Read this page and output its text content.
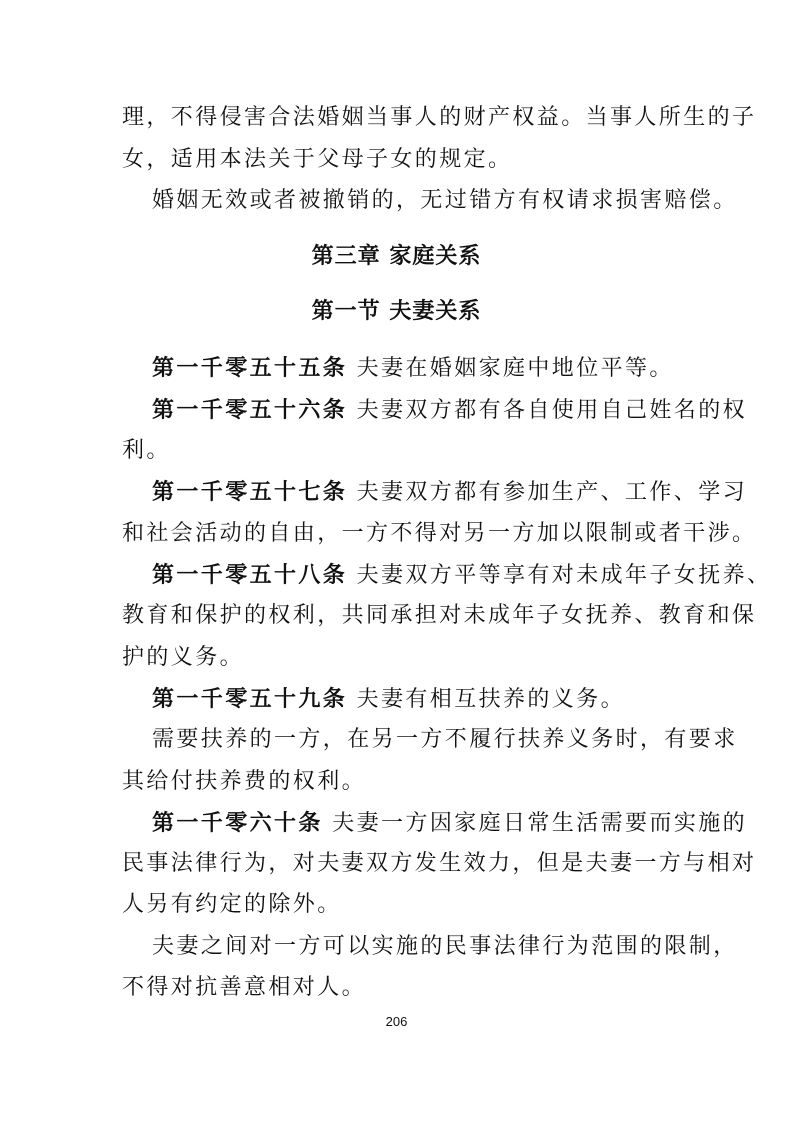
理，不得侵害合法婚姻当事人的财产权益。当事人所生的子
女，适用本法关于父母子女的规定。
婚姻无效或者被撤销的，无过错方有权请求损害赔偿。
第三章 家庭关系
第一节 夫妻关系
第一千零五十五条 夫妻在婚姻家庭中地位平等。
第一千零五十六条 夫妻双方都有各自使用自己姓名的权
利。
第一千零五十七条 夫妻双方都有参加生产、工作、学习
和社会活动的自由，一方不得对另一方加以限制或者干涉。
第一千零五十八条 夫妻双方平等享有对未成年子女抚养、
教育和保护的权利，共同承担对未成年子女抚养、教育和保
护的义务。
第一千零五十九条 夫妻有相互扶养的义务。
需要扶养的一方，在另一方不履行扶养义务时，有要求
其给付扶养费的权利。
第一千零六十条 夫妻一方因家庭日常生活需要而实施的
民事法律行为，对夫妻双方发生效力，但是夫妻一方与相对
人另有约定的除外。
夫妻之间对一方可以实施的民事法律行为范围的限制，
不得对抗善意相对人。
206
